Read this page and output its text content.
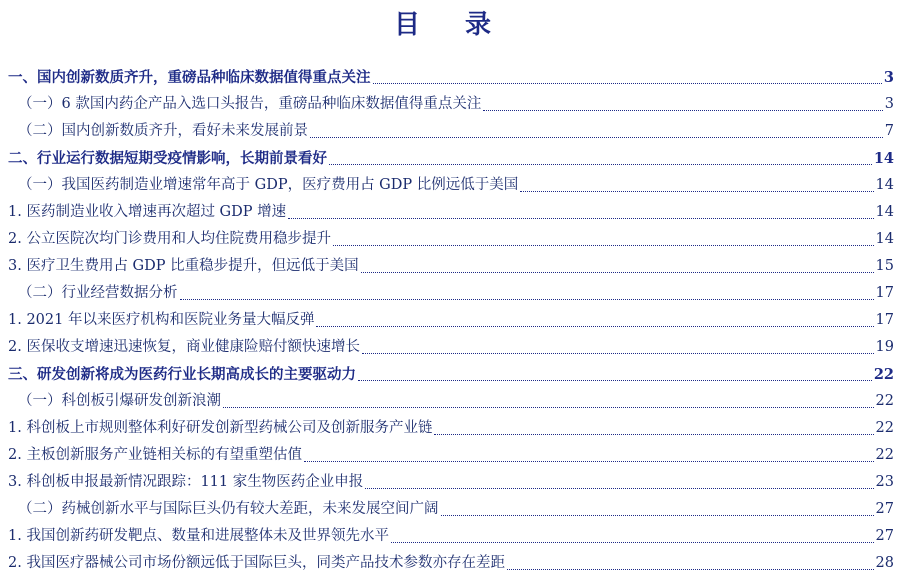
目 录
一、国内创新数质齐升，重磅品种临床数据值得重点关注	3
（一）6 款国内药企产品入选口头报告，重磅品种临床数据值得重点关注	3
（二）国内创新数质齐升，看好未来发展前景	7
二、行业运行数据短期受疫情影响，长期前景看好	14
（一）我国医药制造业增速常年高于 GDP，医疗费用占 GDP 比例远低于美国	14
1. 医药制造业收入增速再次超过 GDP 增速	14
2. 公立医院次均门诊费用和人均住院费用稳步提升	14
3. 医疗卫生费用占 GDP 比重稳步提升，但远低于美国	15
（二）行业经营数据分析	17
1. 2021 年以来医疗机构和医院业务量大幅反弹	17
2. 医保收支增速迅速恢复，商业健康险赔付额快速增长	19
三、研发创新将成为医药行业长期高成长的主要驱动力	22
（一）科创板引爆研发创新浪潮	22
1. 科创板上市规则整体利好研发创新型药械公司及创新服务产业链	22
2. 主板创新服务产业链相关标的有望重塑估值	22
3. 科创板申报最新情况跟踪：111 家生物医药企业申报	23
（二）药械创新水平与国际巨头仍有较大差距，未来发展空间广阔	27
1. 我国创新药研发靶点、数量和进展整体未及世界领先水平	27
2. 我国医疗器械公司市场份额远低于国际巨头，同类产品技术参数亦存在差距	28
